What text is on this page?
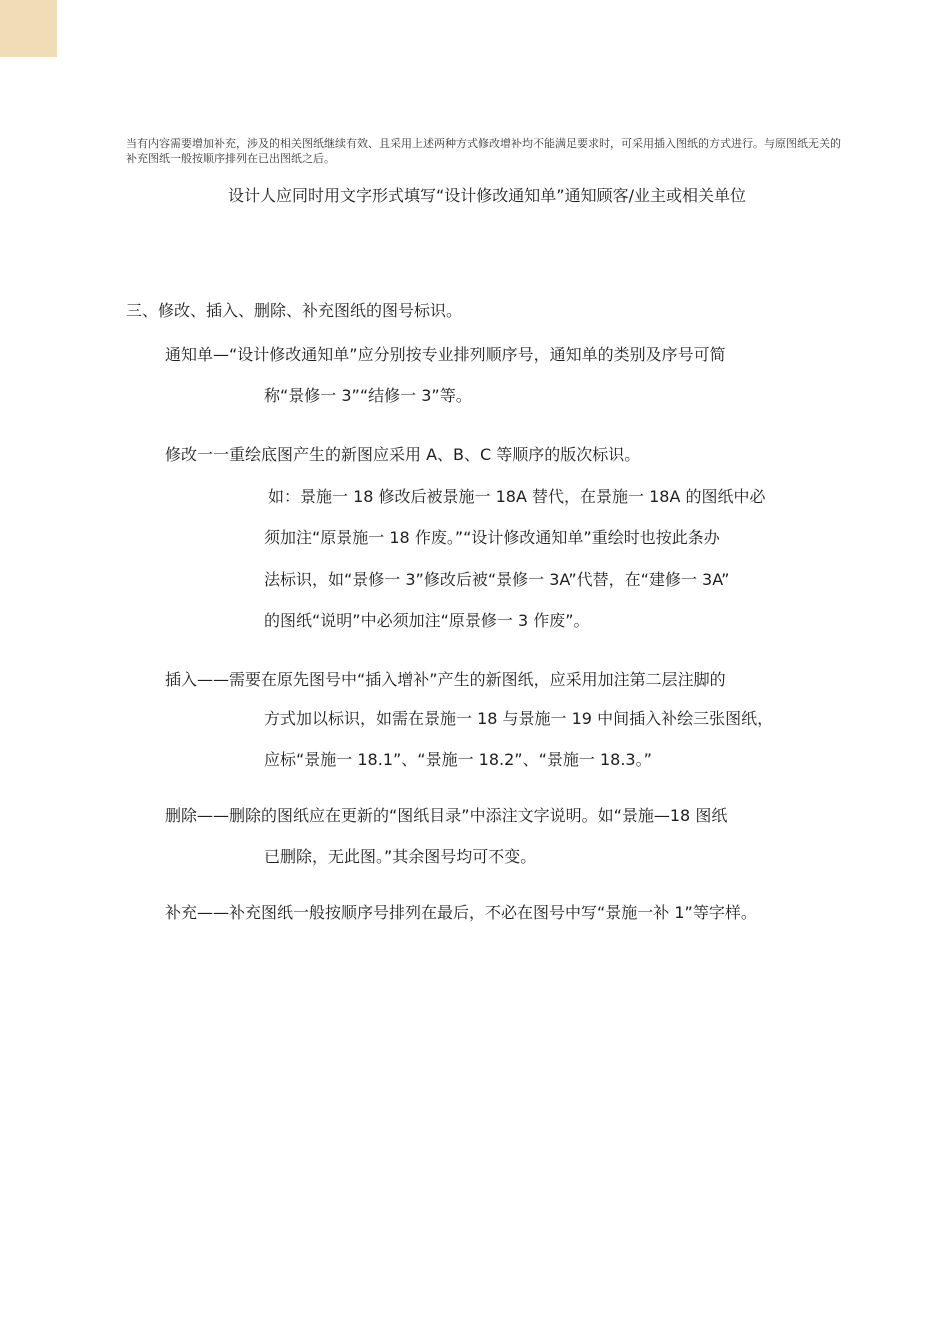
当有内容需要增加补充，涉及的相关图纸继续有效、且采用上述两种方式修改增补均不能满足要求时，可采用插入图纸的方式进行。与原图纸无关的补充图纸一般按顺序排列在已出图纸之后。
设计人应同时用文字形式填写“设计修改通知单”通知顾客/业主或相关单位
三、修改、插入、删除、补充图纸的图号标识。
通知单—“设计修改通知单”应分别按专业排列顺序号，通知单的类别及序号可简
称“景修一 3”“结修一 3”等。
修改一一重绘底图产生的新图应采用 A、B、C 等顺序的版次标识。
如：景施一 18 修改后被景施一 18A 替代，在景施一 18A 的图纸中必
须加注“原景施一 18 作废。”“设计修改通知单”重绘时也按此条办
法标识，如“景修一 3”修改后被“景修一 3A”代替，在“建修一 3A”
的图纸“说明”中必须加注“原景修一 3 作废”。
插入——需要在原先图号中“插入增补”产生的新图纸，应采用加注第二层注脚的
方式加以标识，如需在景施一 18 与景施一 19 中间插入补绘三张图纸，
应标“景施一 18.1”、“景施一 18.2”、“景施一 18.3。”
删除——删除的图纸应在更新的“图纸目录”中添注文字说明。如“景施—18 图纸
已删除，无此图。”其余图号均可不变。
补充——补充图纸一般按顺序号排列在最后，不必在图号中写“景施一补 1”等字样。
